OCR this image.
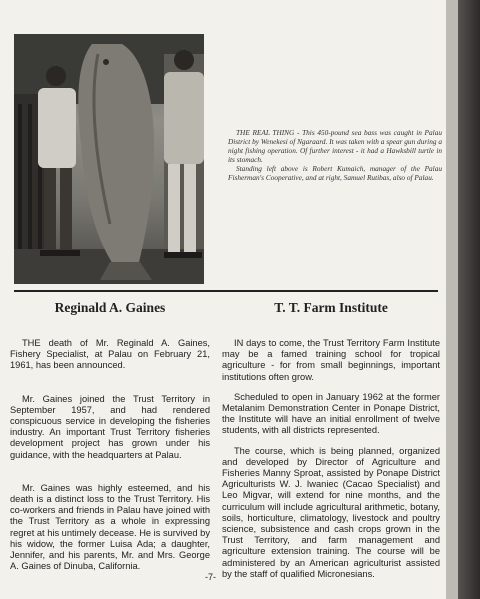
THE REAL THING - This 450-pound sea bass was caught in Palau District by Wenekesi of Ngaraard. It was taken with a spear gun during a night fishing operation. Of further interest - it had a Hawksbill turtle in its stomach.

Standing left above is Robert Kumaich, manager of the Palau Fisherman's Cooperative, and at right, Samuel Rutibas, also of Palau.

Reginald A. Gaines

THE death of Mr. Reginald A. Gaines, Fishery Specialist, at Palau on February 21, 1961, has been announced.

Mr. Gaines joined the Trust Territory in September 1957, and had rendered conspicuous service in developing the fisheries industry. An important Trust Territory fisheries development project has grown under his guidance, with the headquarters at Palau.

Mr. Gaines was highly esteemed, and his death is a distinct loss to the Trust Territory. His co-workers and friends in Palau have joined with the Trust Territory as a whole in expressing regret at his untimely decease. He is survived by his widow, the former Luisa Ada; a daughter, Jennifer, and his parents, Mr. and Mrs. George A. Gaines of Dinuba, California.

T. T. Farm Institute

IN days to come, the Trust Territory Farm Institute may be a famed training school for tropical agriculture - for from small beginnings, important institutions often grow.

Scheduled to open in January 1962 at the former Metalanim Demonstration Center in Ponape District, the Institute will have an initial enrollment of twelve students, with all districts represented.

The course, which is being planned, organized and developed by Director of Agriculture and Fisheries Manny Sproat, assisted by Ponape District Agriculturists W. J. Iwaniec (Cacao Specialist) and Leo Migvar, will extend for nine months, and the curriculum will include agricultural arithmetic, botany, soils, horticulture, climatology, livestock and poultry science, subsistence and cash crops grown in the Trust Territory, and farm management and agriculture extension training. The course will be administered by an American agriculturist assisted by the staff of qualified Micronesians.

-7-
